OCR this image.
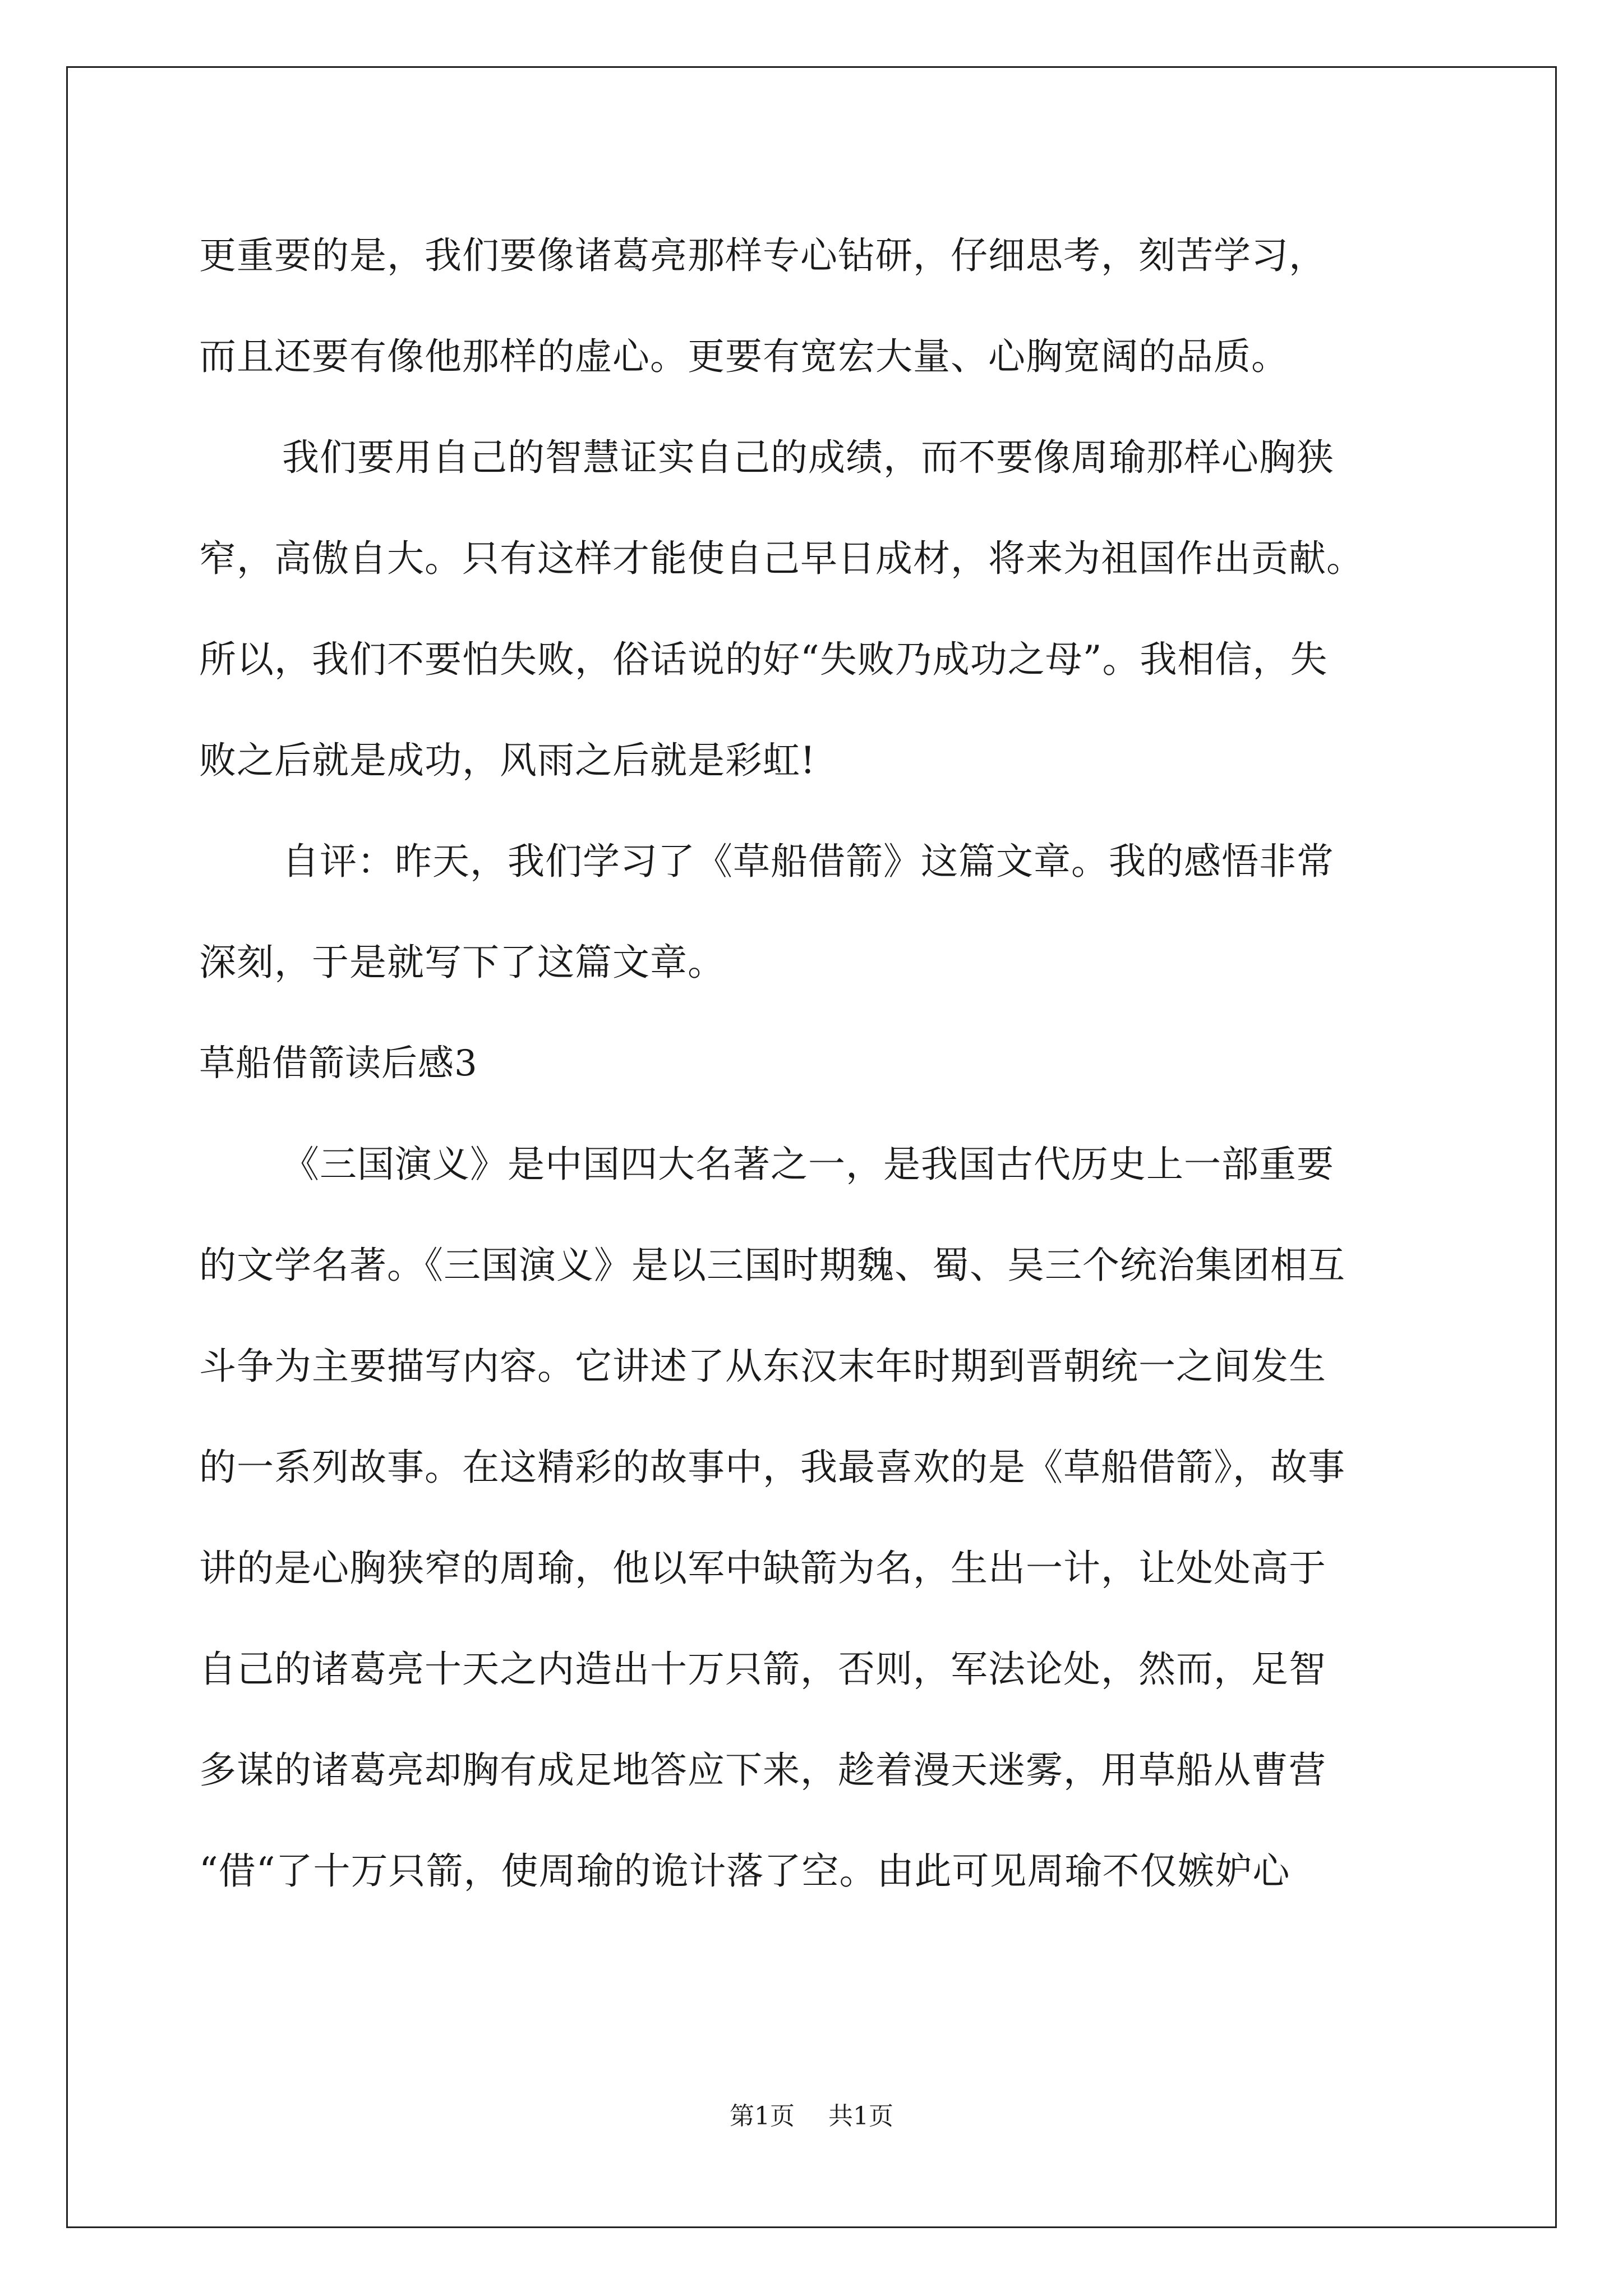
更重要的是，我们要像诸葛亮那样专心钻研，仔细思考，刻苦学习，
而且还要有像他那样的虚心。更要有宽宏大量、心胸宽阔的品质。
我们要用自己的智慧证实自己的成绩，而不要像周瑜那样心胸狭
窄，高傲自大。只有这样才能使自己早日成材，将来为祖国作出贡献。
所以，我们不要怕失败，俗话说的好“失败乃成功之母”。我相信，失
败之后就是成功，风雨之后就是彩虹!
自评：昨天，我们学习了《草船借箭》这篇文章。我的感悟非常
深刻，于是就写下了这篇文章。
草船借箭读后感3
《三国演义》是中国四大名著之一，是我国古代历史上一部重要
的文学名著。《三国演义》是以三国时期魏、蜀、吴三个统治集团相互
斗争为主要描写内容。它讲述了从东汉末年时期到晋朝统一之间发生
的一系列故事。在这精彩的故事中，我最喜欢的是《草船借箭》，故事
讲的是心胸狭窄的周瑜，他以军中缺箭为名，生出一计，让处处高于
自己的诸葛亮十天之内造出十万只箭，否则，军法论处，然而，足智
多谋的诸葛亮却胸有成足地答应下来，趁着漫天迷雾，用草船从曹营
“借“了十万只箭，使周瑜的诡计落了空。由此可见周瑜不仅嫉妒心
第1页 共1页
